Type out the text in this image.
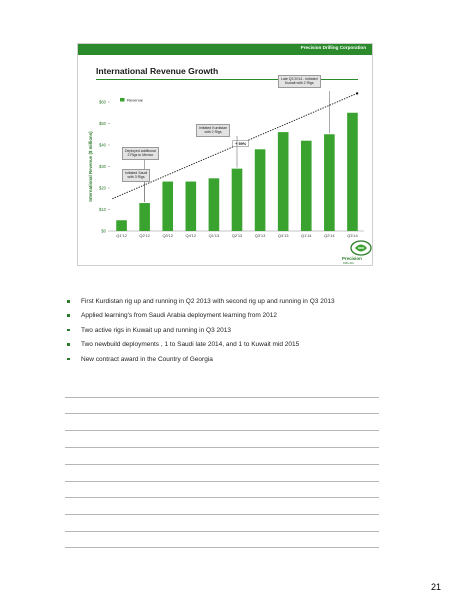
Precision Drilling Corporation
International Revenue Growth
$0
$10
$20
$30
$40
$50
$60
International Revenue ($ millions)
Q1'12	Q2'12	Q3'12	Q4'12	Q1'13	Q2'13	Q3'13	Q4'13	Q1'14	Q2'14	Q3'14
+ 59%
Revenue
Initiated Saudi
with 3 Rigs
Deployed additional
2 Rigs to Mexico
Initiated Kurdistan
with 2 Rigs
Late Q3 2014 - Initiated
Kuwait with 2 Rigs
Precision
DRILLING
First Kurdistan rig up and running in Q2 2013 with second rig up and running in Q3 2013
Applied learning's from Saudi Arabia deployment learning from 2012
Two active rigs in Kuwait up and running in Q3 2013
Two newbuild deployments , 1 to Saudi late 2014, and 1 to Kuwait mid 2015
New contract award in the Country of Georgia
21
